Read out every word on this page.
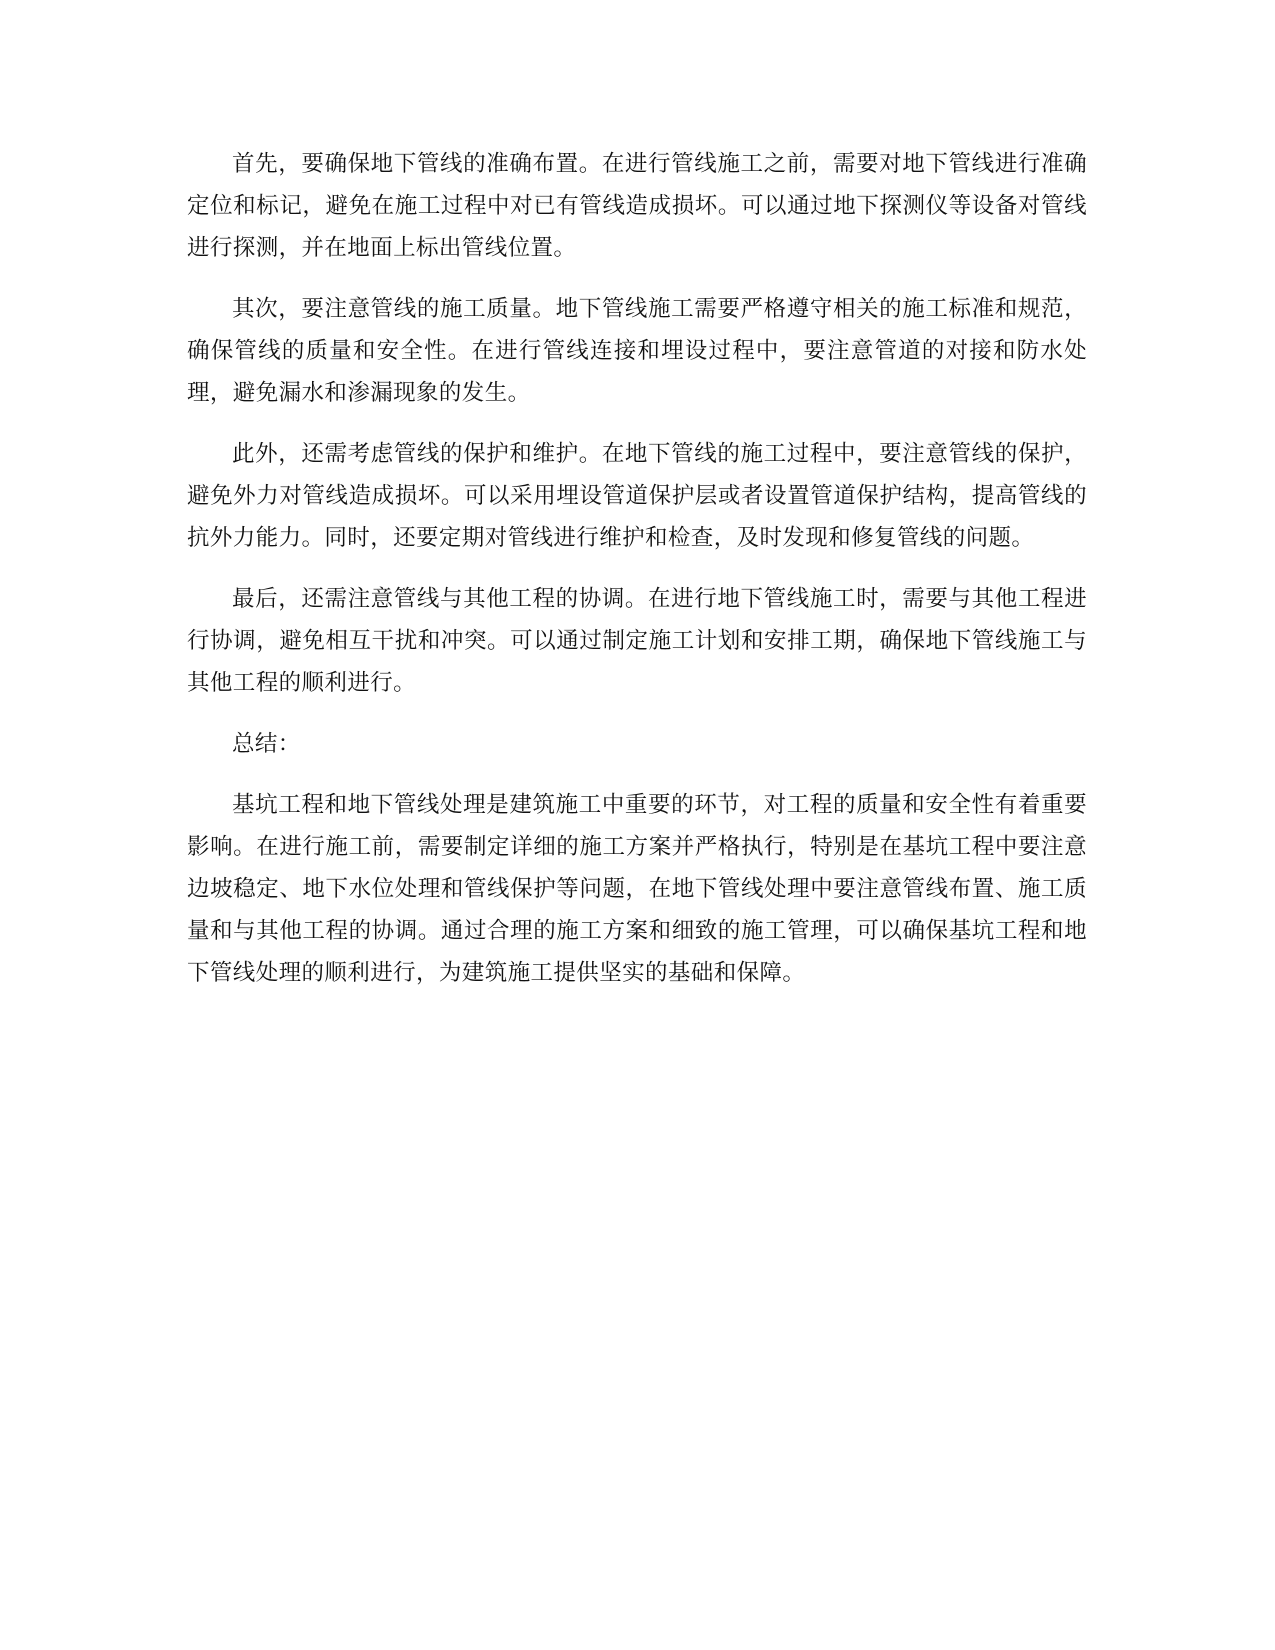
首先，要确保地下管线的准确布置。在进行管线施工之前，需要对地下管线进行准确定位和标记，避免在施工过程中对已有管线造成损坏。可以通过地下探测仪等设备对管线进行探测，并在地面上标出管线位置。

其次，要注意管线的施工质量。地下管线施工需要严格遵守相关的施工标准和规范，确保管线的质量和安全性。在进行管线连接和埋设过程中，要注意管道的对接和防水处理，避免漏水和渗漏现象的发生。

此外，还需考虑管线的保护和维护。在地下管线的施工过程中，要注意管线的保护，避免外力对管线造成损坏。可以采用埋设管道保护层或者设置管道保护结构，提高管线的抗外力能力。同时，还要定期对管线进行维护和检查，及时发现和修复管线的问题。

最后，还需注意管线与其他工程的协调。在进行地下管线施工时，需要与其他工程进行协调，避免相互干扰和冲突。可以通过制定施工计划和安排工期，确保地下管线施工与其他工程的顺利进行。

总结：

基坑工程和地下管线处理是建筑施工中重要的环节，对工程的质量和安全性有着重要影响。在进行施工前，需要制定详细的施工方案并严格执行，特别是在基坑工程中要注意边坡稳定、地下水位处理和管线保护等问题，在地下管线处理中要注意管线布置、施工质量和与其他工程的协调。通过合理的施工方案和细致的施工管理，可以确保基坑工程和地下管线处理的顺利进行，为建筑施工提供坚实的基础和保障。
